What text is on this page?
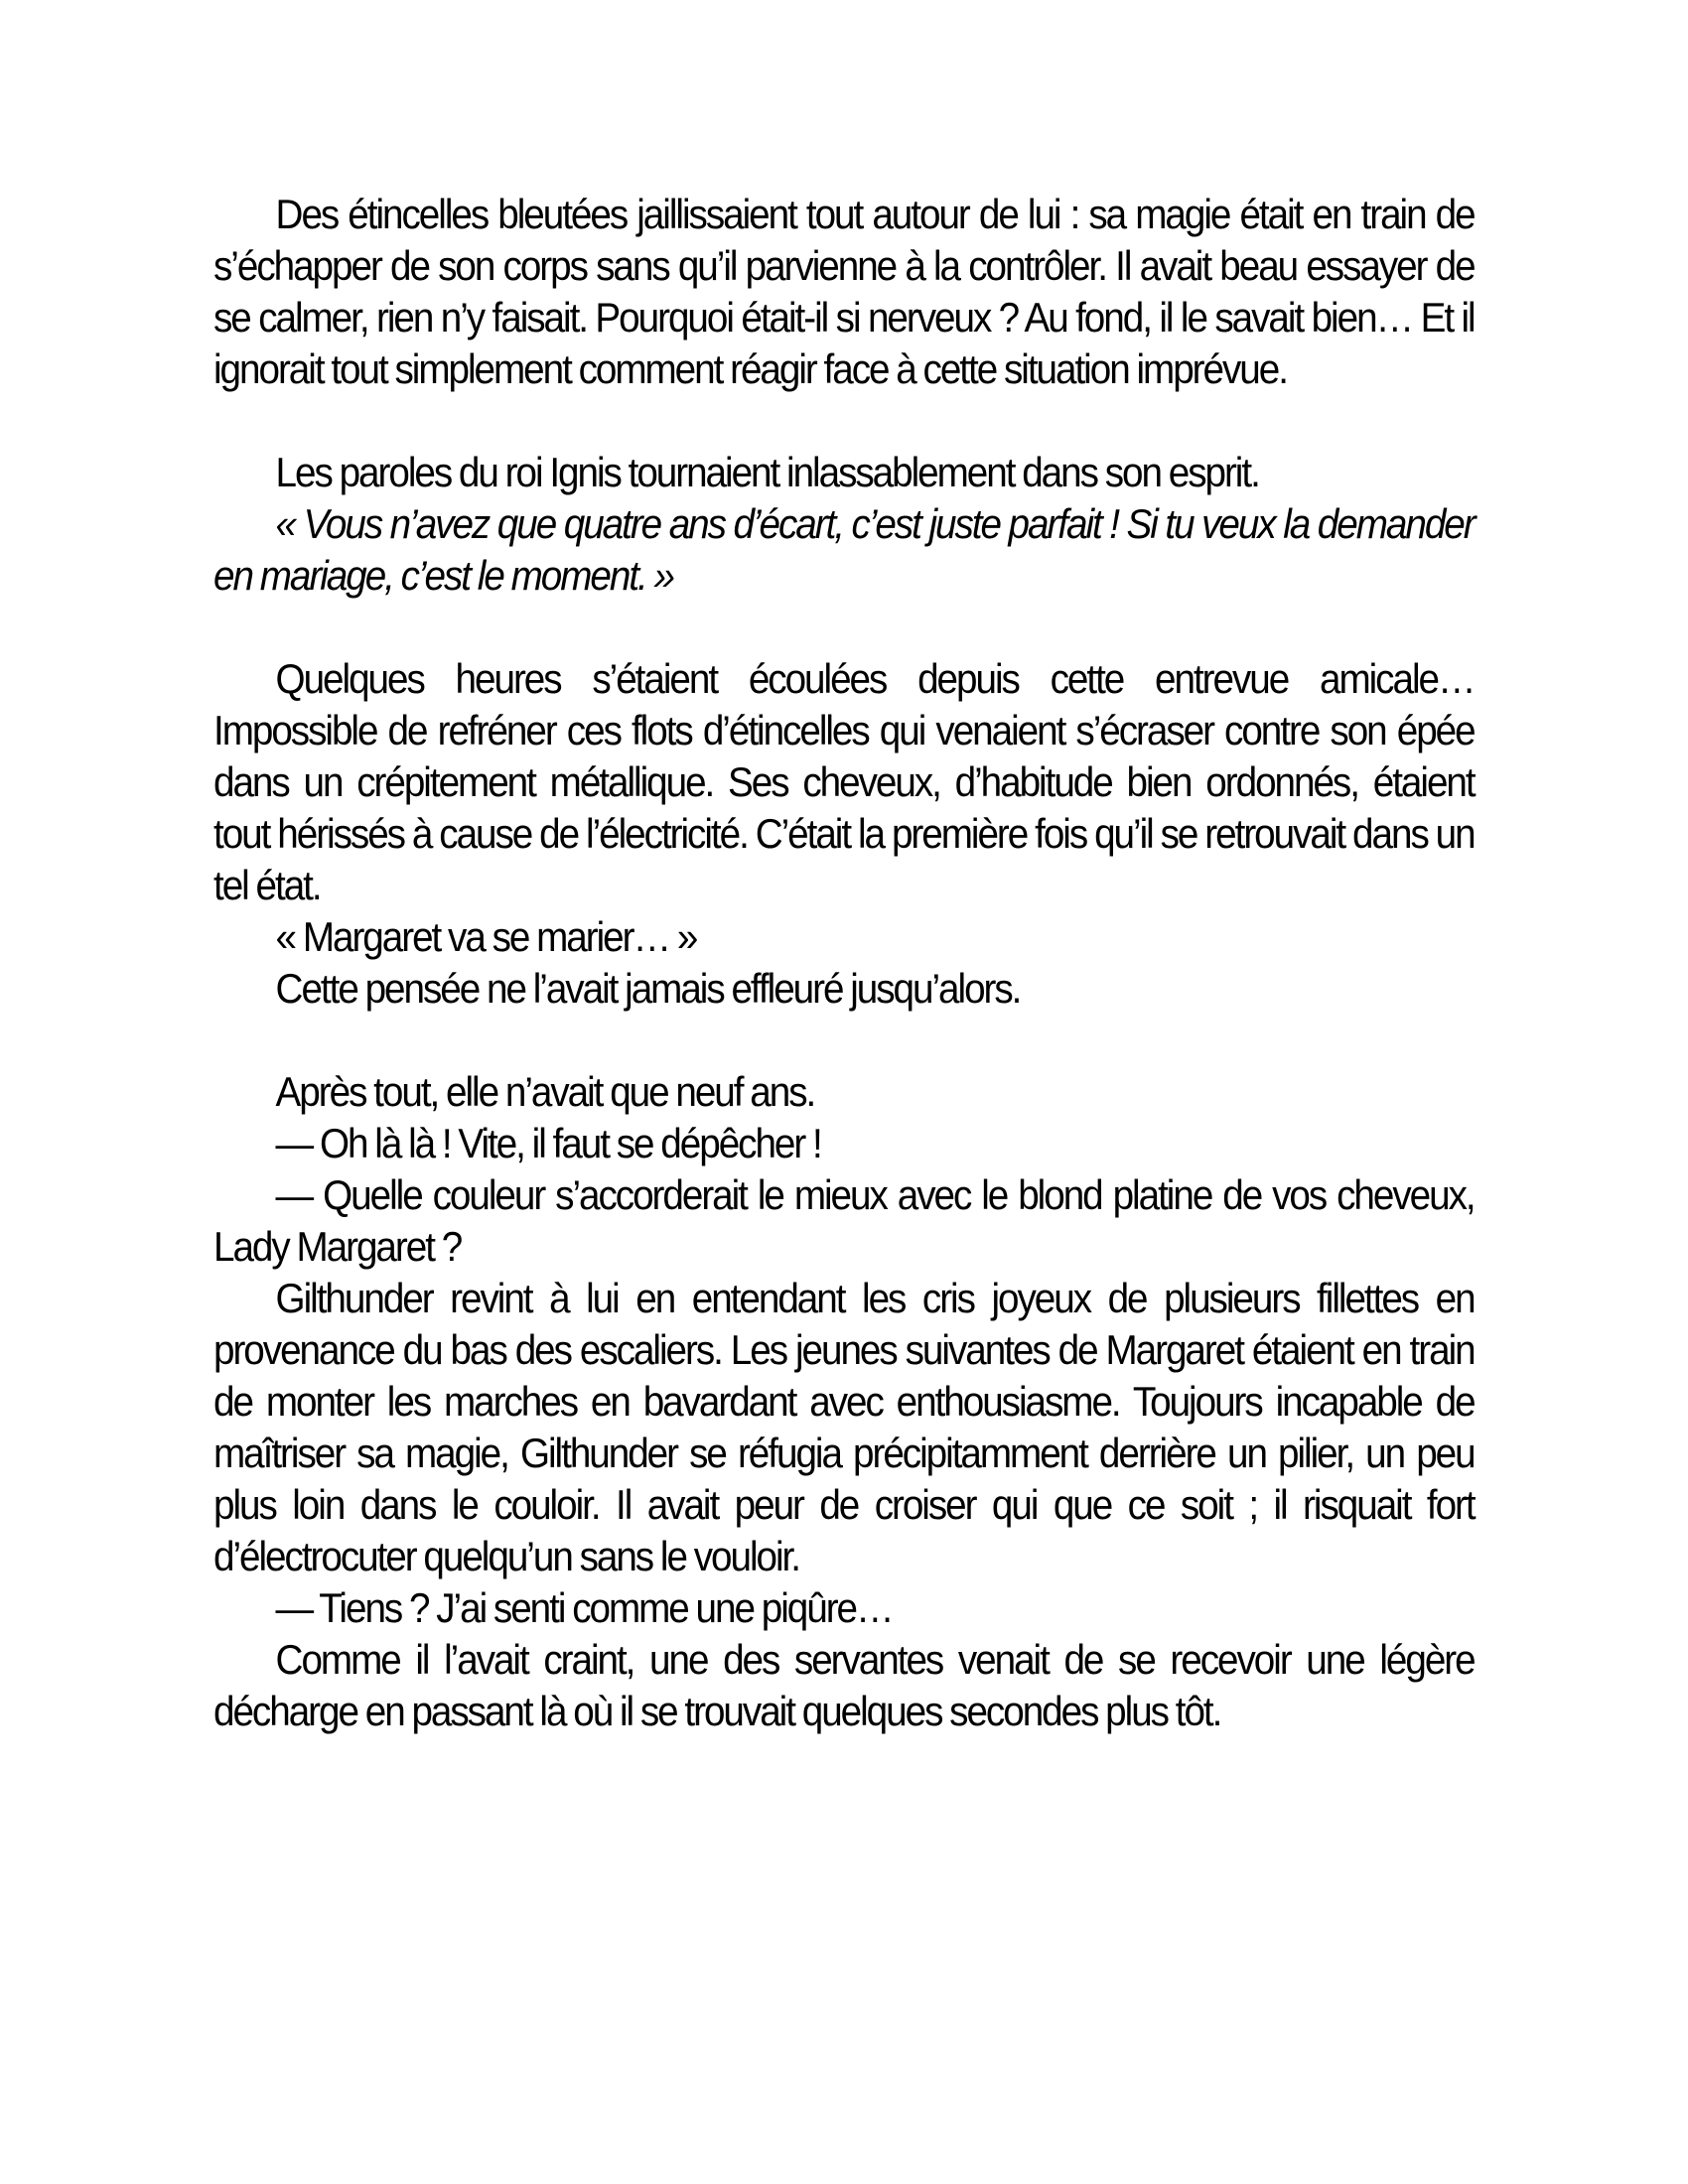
Des étincelles bleutées jaillissaient tout autour de lui : sa magie était en train de s’échapper de son corps sans qu’il parvienne à la contrôler. Il avait beau essayer de se calmer, rien n’y faisait. Pourquoi était-il si nerveux ? Au fond, il le savait bien… Et il ignorait tout simplement comment réagir face à cette situation imprévue.

Les paroles du roi Ignis tournaient inlassablement dans son esprit.

« Vous n’avez que quatre ans d’écart, c’est juste parfait ! Si tu veux la demander en mariage, c’est le moment. »

Quelques heures s’étaient écoulées depuis cette entrevue amicale… Impossible de refréner ces flots d’étincelles qui venaient s’écraser contre son épée dans un crépitement métallique. Ses cheveux, d’habitude bien ordonnés, étaient tout hérissés à cause de l’électricité. C’était la première fois qu’il se retrouvait dans un tel état.

« Margaret va se marier… »

Cette pensée ne l’avait jamais effleuré jusqu’alors.

Après tout, elle n’avait que neuf ans.

— Oh là là ! Vite, il faut se dépêcher !

— Quelle couleur s’accorderait le mieux avec le blond platine de vos cheveux, Lady Margaret ?

Gilthunder revint à lui en entendant les cris joyeux de plusieurs fillettes en provenance du bas des escaliers. Les jeunes suivantes de Margaret étaient en train de monter les marches en bavardant avec enthousiasme. Toujours incapable de maîtriser sa magie, Gilthunder se réfugia précipitamment derrière un pilier, un peu plus loin dans le couloir. Il avait peur de croiser qui que ce soit ; il risquait fort d’électrocuter quelqu’un sans le vouloir.

— Tiens ? J’ai senti comme une piqûre…

Comme il l’avait craint, une des servantes venait de se recevoir une légère décharge en passant là où il se trouvait quelques secondes plus tôt.
